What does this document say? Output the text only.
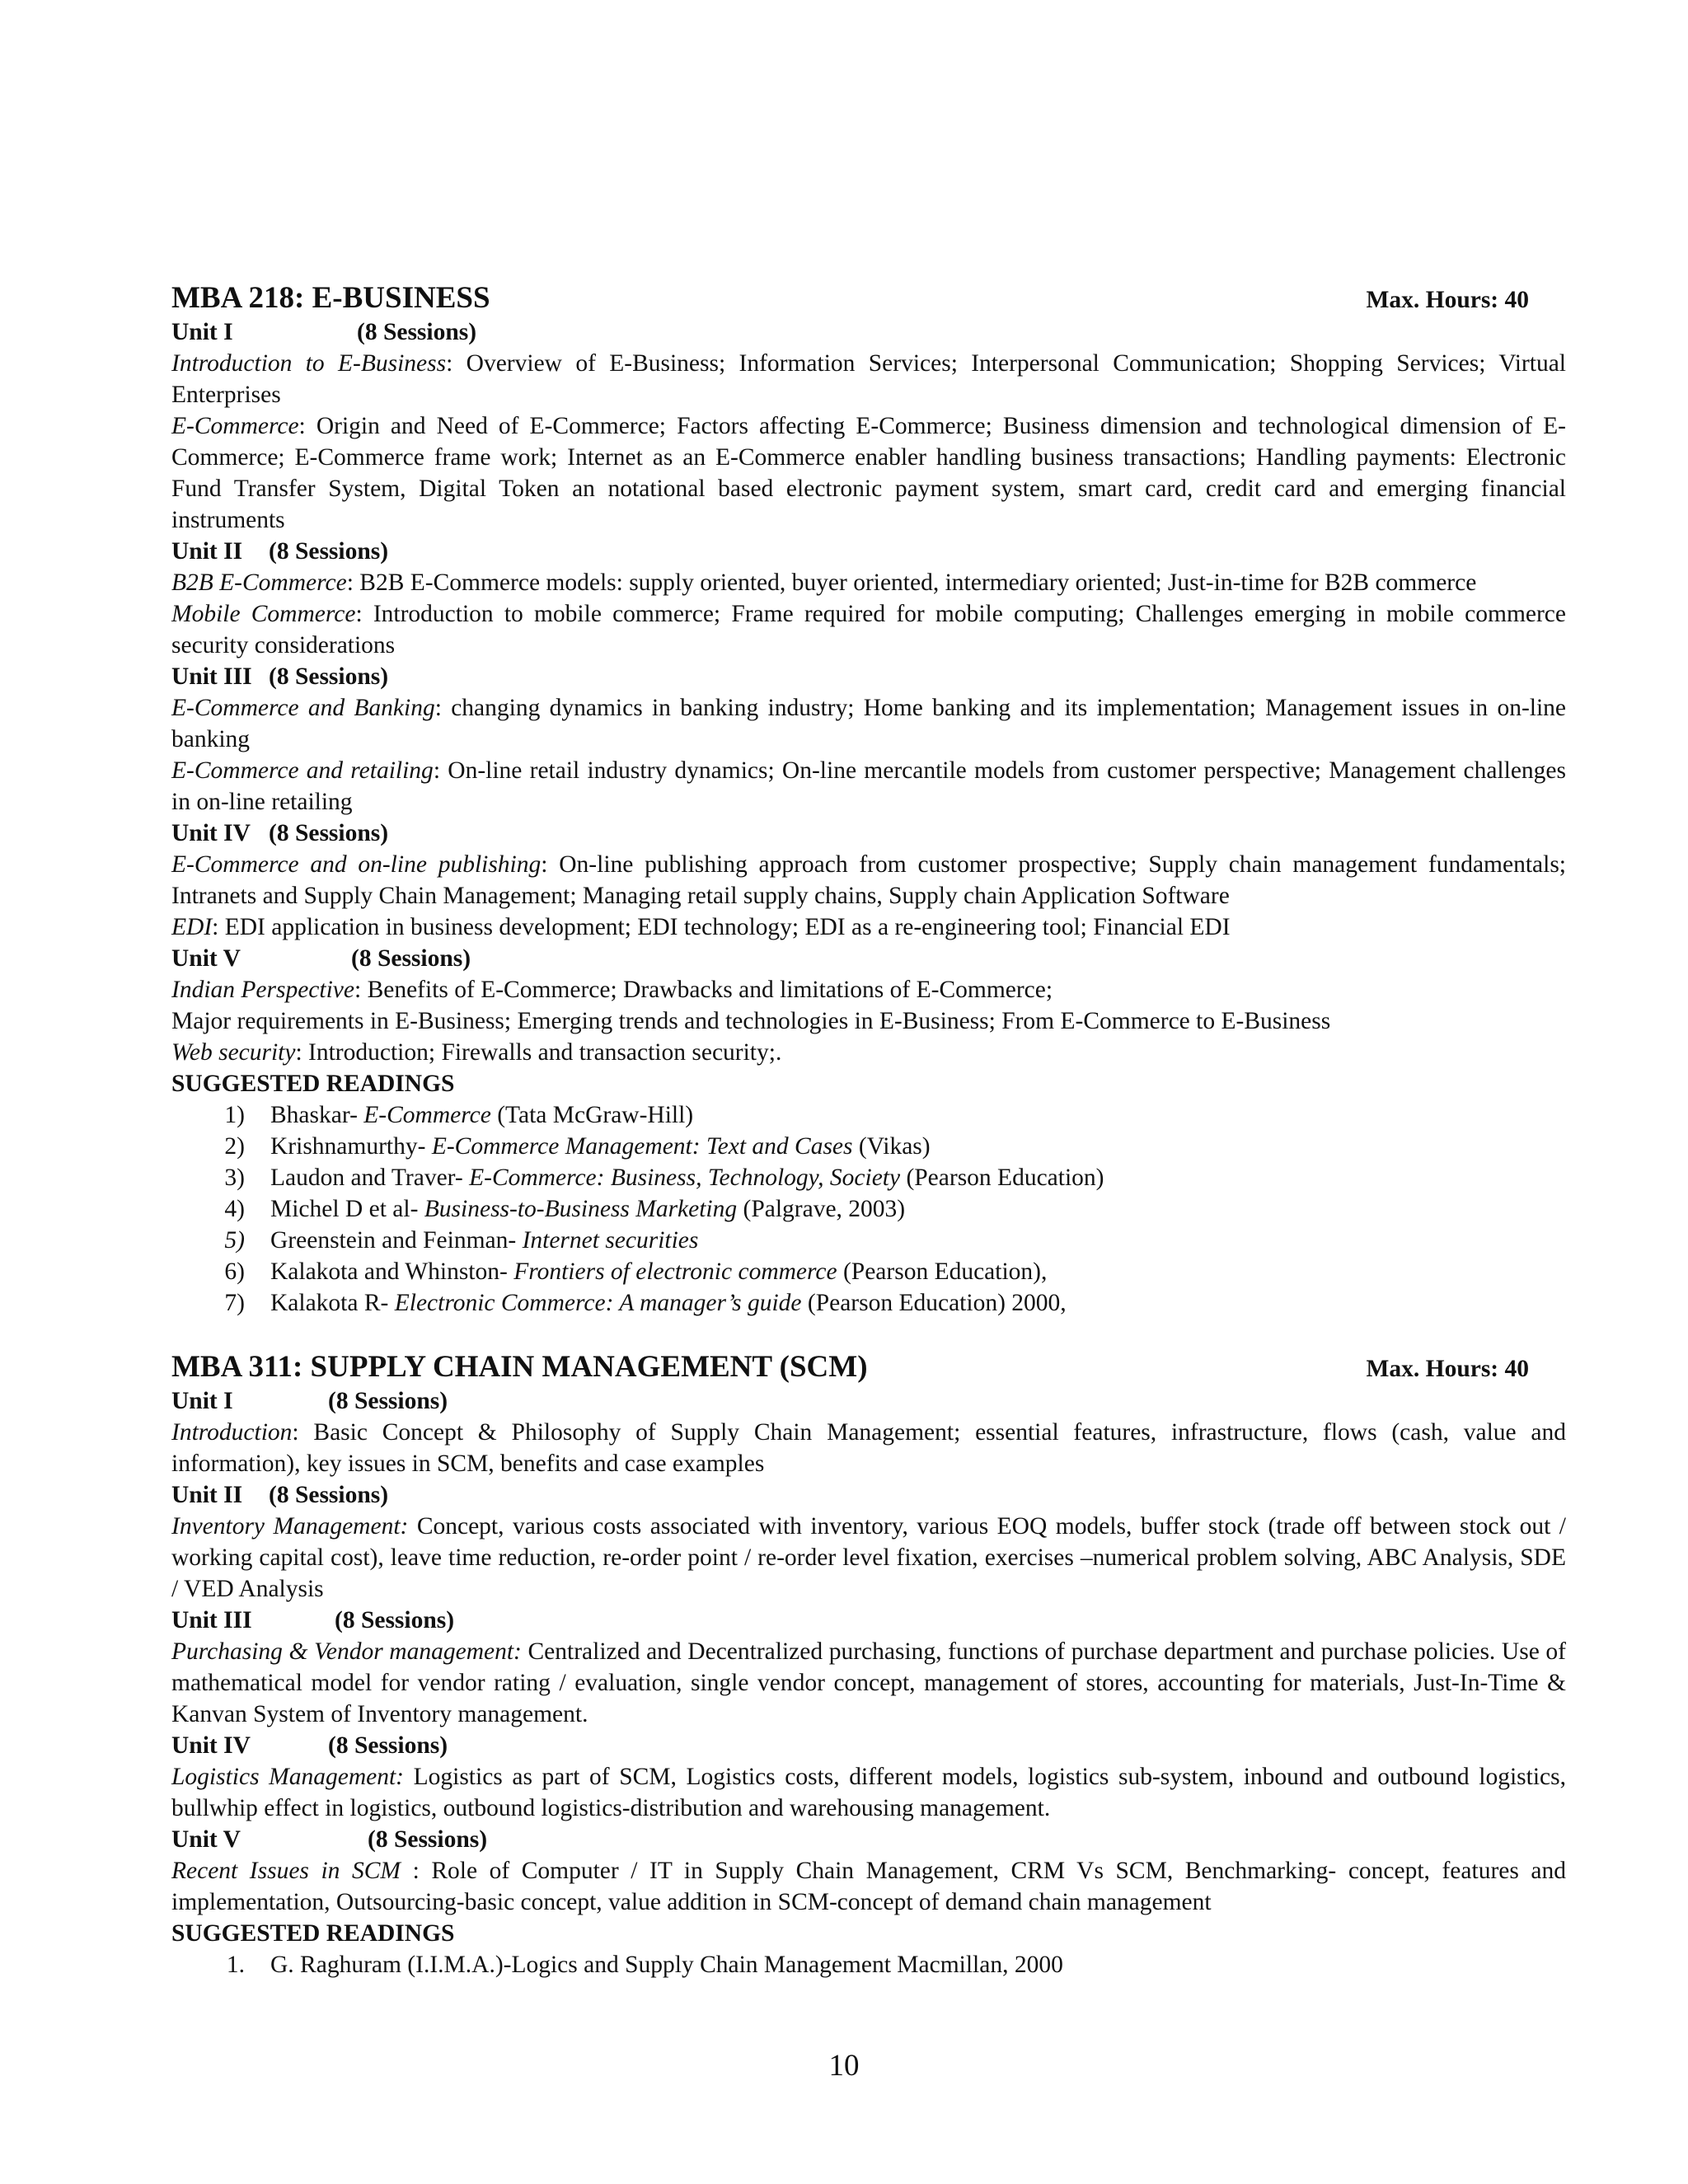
MBA 218: E-BUSINESS	Max. Hours: 40
Unit I	(8 Sessions)
Introduction to E-Business: Overview of E-Business; Information Services; Interpersonal Communication; Shopping Services; Virtual Enterprises
E-Commerce: Origin and Need of E-Commerce; Factors affecting E-Commerce; Business dimension and technological dimension of E-Commerce; E-Commerce frame work; Internet as an E-Commerce enabler handling business transactions; Handling payments: Electronic Fund Transfer System, Digital Token an notational based electronic payment system, smart card, credit card and emerging financial instruments
Unit II (8 Sessions)
B2B E-Commerce: B2B E-Commerce models: supply oriented, buyer oriented, intermediary oriented; Just-in-time for B2B commerce
Mobile Commerce: Introduction to mobile commerce; Frame required for mobile computing; Challenges emerging in mobile commerce security considerations
Unit III (8 Sessions)
E-Commerce and Banking: changing dynamics in banking industry; Home banking and its implementation; Management issues in on-line banking
E-Commerce and retailing: On-line retail industry dynamics; On-line mercantile models from customer perspective; Management challenges in on-line retailing
Unit IV (8 Sessions)
E-Commerce and on-line publishing: On-line publishing approach from customer prospective; Supply chain management fundamentals; Intranets and Supply Chain Management; Managing retail supply chains, Supply chain Application Software
EDI: EDI application in business development; EDI technology; EDI as a re-engineering tool; Financial EDI
Unit V	(8 Sessions)
Indian Perspective: Benefits of E-Commerce; Drawbacks and limitations of E-Commerce;
Major requirements in E-Business; Emerging trends and technologies in E-Business; From E-Commerce to E-Business
Web security: Introduction; Firewalls and transaction security;.
SUGGESTED READINGS
1)	Bhaskar- E-Commerce (Tata McGraw-Hill)
2)	Krishnamurthy- E-Commerce Management: Text and Cases (Vikas)
3)	Laudon and Traver- E-Commerce: Business, Technology, Society (Pearson Education)
4)	Michel D et al- Business-to-Business Marketing (Palgrave, 2003)
5)	Greenstein and Feinman- Internet securities
6)	Kalakota and Whinston- Frontiers of electronic commerce (Pearson Education),
7)	Kalakota R- Electronic Commerce: A manager’s guide (Pearson Education) 2000,
MBA 311: SUPPLY CHAIN MANAGEMENT (SCM)	Max. Hours: 40
Unit I	(8 Sessions)
Introduction: Basic Concept & Philosophy of Supply Chain Management; essential features, infrastructure, flows (cash, value and information), key issues in SCM, benefits and case examples
Unit II (8 Sessions)
Inventory Management: Concept, various costs associated with inventory, various EOQ models, buffer stock (trade off between stock out / working capital cost), leave time reduction, re-order point / re-order level fixation, exercises –numerical problem solving, ABC Analysis, SDE / VED Analysis
Unit III	(8 Sessions)
Purchasing & Vendor management: Centralized and Decentralized purchasing, functions of purchase department and purchase policies. Use of mathematical model for vendor rating / evaluation, single vendor concept, management of stores, accounting for materials, Just-In-Time & Kanvan System of Inventory management.
Unit IV	(8 Sessions)
Logistics Management: Logistics as part of SCM, Logistics costs, different models, logistics sub-system, inbound and outbound logistics, bullwhip effect in logistics, outbound logistics-distribution and warehousing management.
Unit V	(8 Sessions)
Recent Issues in SCM : Role of Computer / IT in Supply Chain Management, CRM Vs SCM, Benchmarking- concept, features and implementation, Outsourcing-basic concept, value addition in SCM-concept of demand chain management
SUGGESTED READINGS
1.	G. Raghuram (I.I.M.A.)-Logics and Supply Chain Management Macmillan, 2000
10
